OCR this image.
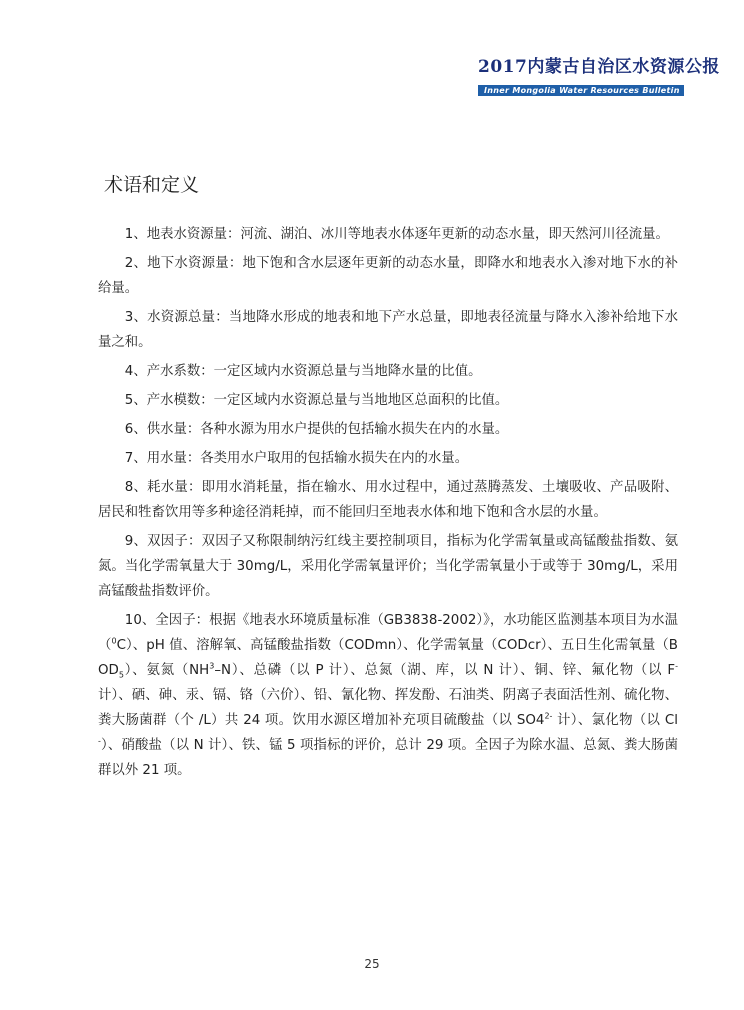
2017内蒙古自治区水资源公报
Inner Mongolia Water Resources Bulletin
术语和定义

1、地表水资源量：河流、湖泊、冰川等地表水体逐年更新的动态水量，即天然河川径流量。

2、地下水资源量：地下饱和含水层逐年更新的动态水量，即降水和地表水入渗对地下水的补给量。

3、水资源总量：当地降水形成的地表和地下产水总量，即地表径流量与降水入渗补给地下水量之和。

4、产水系数：一定区域内水资源总量与当地降水量的比值。

5、产水模数：一定区域内水资源总量与当地地区总面积的比值。

6、供水量：各种水源为用水户提供的包括输水损失在内的水量。

7、用水量：各类用水户取用的包括输水损失在内的水量。

8、耗水量：即用水消耗量，指在输水、用水过程中，通过蒸腾蒸发、土壤吸收、产品吸附、居民和牲畜饮用等多种途径消耗掉，而不能回归至地表水体和地下饱和含水层的水量。

9、双因子：双因子又称限制纳污红线主要控制项目，指标为化学需氧量或高锰酸盐指数、氨氮。当化学需氧量大于 30mg/L，采用化学需氧量评价；当化学需氧量小于或等于 30mg/L，采用高锰酸盐指数评价。

10、全因子：根据《地表水环境质量标准（GB3838-2002）》，水功能区监测基本项目为水温（$^0$C）、pH 值、溶解氧、高锰酸盐指数（CODmn）、化学需氧量（CODcr）、五日生化需氧量$(BOD_5)$、氨氮$(NH^3-N)$、总磷（以 P 计）、总氮（湖、库，以 N 计）、铜、锌、氟化物（以 F- 计）、硒、砷、汞、镉、铬（六价）、铅、氰化物、挥发酚、石油类、阴离子表面活性剂、硫化物、粪大肠菌群（个 /L）共 24 项。饮用水源区增加补充项目硫酸盐（以 $SO4^{2-}$ 计）、氯化物（以 Cl-）、硝酸盐（以 N 计）、铁、锰 5 项指标的评价，总计 29 项。全因子为除水温、总氮、粪大肠菌群以外 21 项。

25
